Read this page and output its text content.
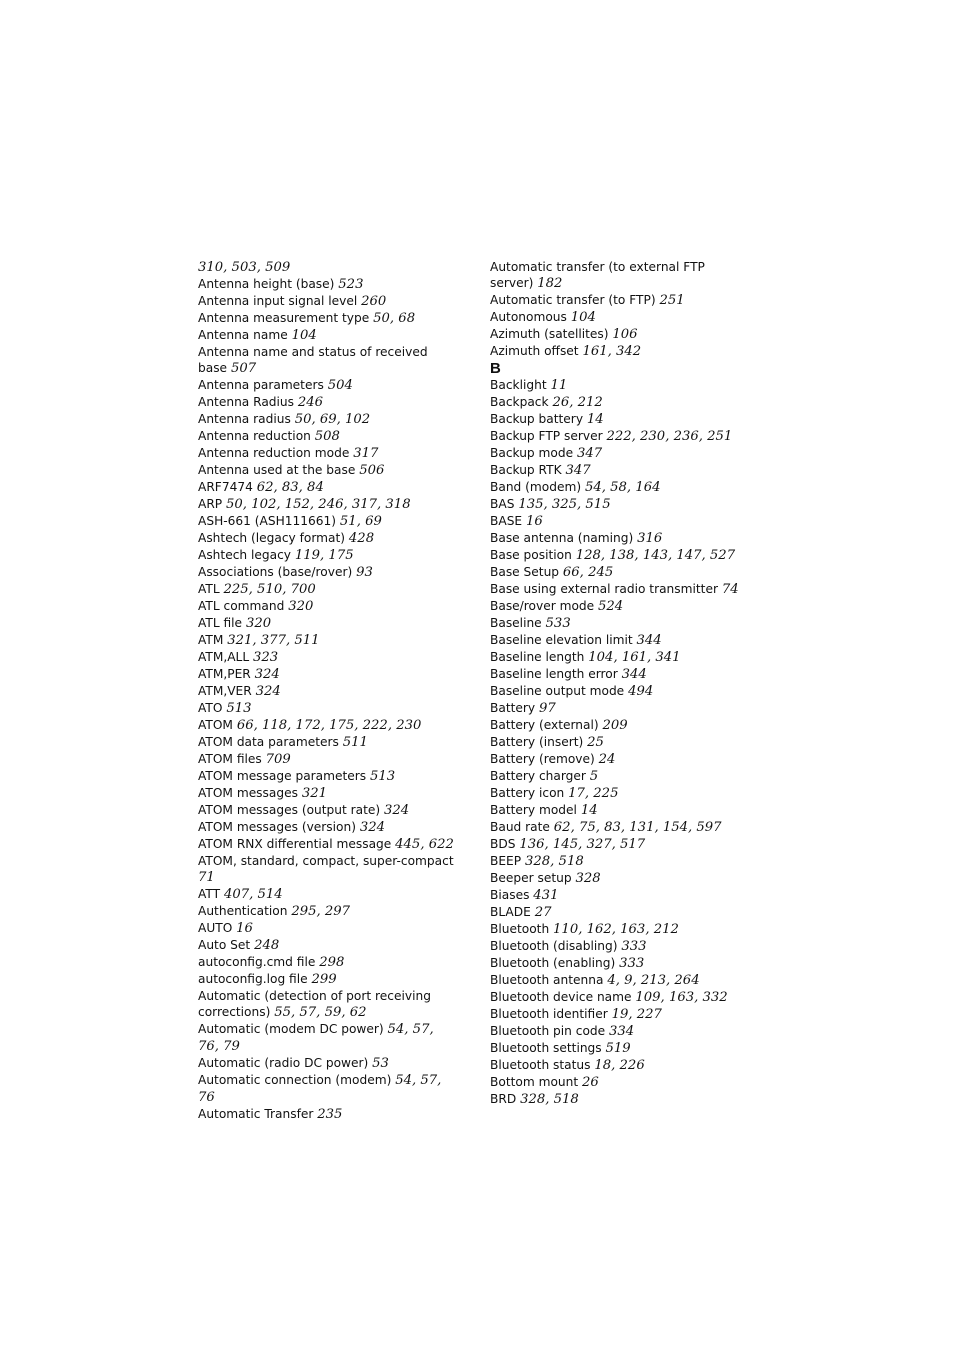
310, 503, 509
Antenna height (base) 523
Antenna input signal level 260
Antenna measurement type 50, 68
Antenna name 104
Antenna name and status of received base 507
Antenna parameters 504
Antenna Radius 246
Antenna radius 50, 69, 102
Antenna reduction 508
Antenna reduction mode 317
Antenna used at the base 506
ARF7474 62, 83, 84
ARP 50, 102, 152, 246, 317, 318
ASH-661 (ASH111661) 51, 69
Ashtech (legacy format) 428
Ashtech legacy 119, 175
Associations (base/rover) 93
ATL 225, 510, 700
ATL command 320
ATL file 320
ATM 321, 377, 511
ATM,ALL 323
ATM,PER 324
ATM,VER 324
ATO 513
ATOM 66, 118, 172, 175, 222, 230
ATOM data parameters 511
ATOM files 709
ATOM message parameters 513
ATOM messages 321
ATOM messages (output rate) 324
ATOM messages (version) 324
ATOM RNX differential message 445, 622
ATOM, standard, compact, super-compact 71
ATT 407, 514
Authentication 295, 297
AUTO 16
Auto Set 248
autoconfig.cmd file 298
autoconfig.log file 299
Automatic (detection of port receiving corrections) 55, 57, 59, 62
Automatic (modem DC power) 54, 57, 76, 79
Automatic (radio DC power) 53
Automatic connection (modem) 54, 57, 76
Automatic Transfer 235
Automatic transfer (to external FTP server) 182
Automatic transfer (to FTP) 251
Autonomous 104
Azimuth (satellites) 106
Azimuth offset 161, 342
B
Backlight 11
Backpack 26, 212
Backup battery 14
Backup FTP server 222, 230, 236, 251
Backup mode 347
Backup RTK 347
Band (modem) 54, 58, 164
BAS 135, 325, 515
BASE 16
Base antenna (naming) 316
Base position 128, 138, 143, 147, 527
Base Setup 66, 245
Base using external radio transmitter 74
Base/rover mode 524
Baseline 533
Baseline elevation limit 344
Baseline length 104, 161, 341
Baseline length error 344
Baseline output mode 494
Battery 97
Battery (external) 209
Battery (insert) 25
Battery (remove) 24
Battery charger 5
Battery icon 17, 225
Battery model 14
Baud rate 62, 75, 83, 131, 154, 597
BDS 136, 145, 327, 517
BEEP 328, 518
Beeper setup 328
Biases 431
BLADE 27
Bluetooth 110, 162, 163, 212
Bluetooth (disabling) 333
Bluetooth (enabling) 333
Bluetooth antenna 4, 9, 213, 264
Bluetooth device name 109, 163, 332
Bluetooth identifier 19, 227
Bluetooth pin code 334
Bluetooth settings 519
Bluetooth status 18, 226
Bottom mount 26
BRD 328, 518
